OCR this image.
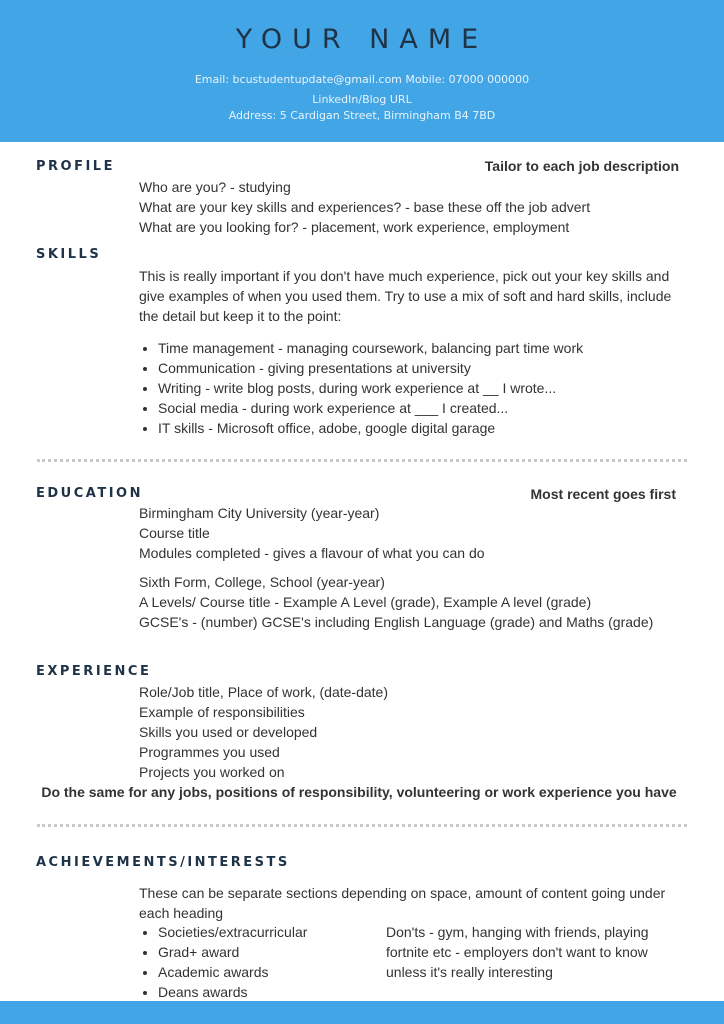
YOUR NAME
Email: bcustudentupdate@gmail.com Mobile: 07000 000000
LinkedIn/Blog URL
Address: 5 Cardigan Street, Birmingham B4 7BD
PROFILE	Tailor to each job description
Who are you? - studying
What are your key skills and experiences? - base these off the job advert
What are you looking for? - placement, work experience, employment
SKILLS
This is really important if you don't have much experience, pick out your key skills and give examples of when you used them. Try to use a mix of soft and hard skills, include the detail but keep it to the point:
• Time management - managing coursework, balancing part time work
• Communication - giving presentations at university
• Writing - write blog posts, during work experience at __ I wrote...
• Social media - during work experience at ___ I created...
• IT skills - Microsoft office, adobe, google digital garage
EDUCATION	Most recent goes first
Birmingham City University (year-year)
Course title
Modules completed - gives a flavour of what you can do
Sixth Form, College, School (year-year)
A Levels/ Course title - Example A Level (grade), Example A level (grade)
GCSE's - (number) GCSE's including English Language (grade) and Maths (grade)
EXPERIENCE
Role/Job title, Place of work, (date-date)
Example of responsibilities
Skills you used or developed
Programmes you used
Projects you worked on
Do the same for any jobs, positions of responsibility, volunteering or work experience you have
ACHIEVEMENTS/INTERESTS
These can be separate sections depending on space, amount of content going under each heading
• Societies/extracurricular
• Grad+ award
• Academic awards
• Deans awards
Don'ts - gym, hanging with friends, playing fortnite etc - employers don't want to know unless it's really interesting
